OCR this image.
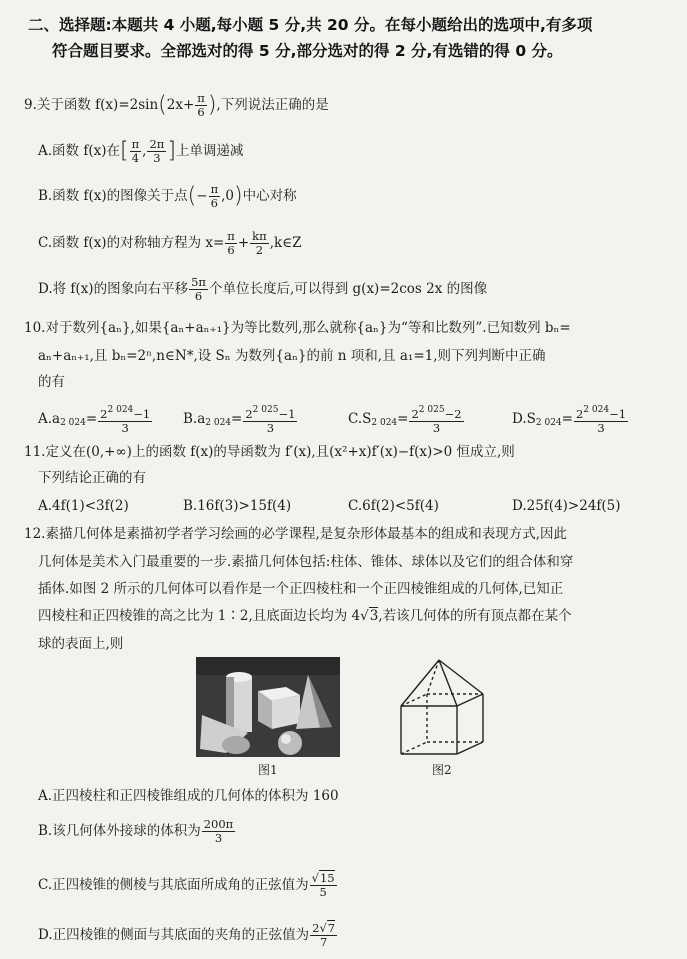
二、选择题:本题共 4 小题,每小题 5 分,共 20 分。在每小题给出的选项中,有多项
符合题目要求。全部选对的得 5 分,部分选对的得 2 分,有选错的得 0 分。
9.关于函数 $f(x)=2\sin(2x+ \frac{\pi}{6}$ ),下列说法正确的是
A.函数 f(x)在[ $\frac{\pi}{4}$ , $\frac{2\pi}{3}$ ]上单调递减
B.函数 f(x)的图像关于点(− $\frac{\pi}{6} ,0$)中心对称
C.函数 f(x)的对称轴方程为 $x= \frac{\pi}{6} + \frac{k\pi}{2}$ ,k∈Z
D.将 f(x)的图象向右平移 $\frac{5\pi}{6}$ 个单位长度后,可以得到 g(x)=2cos 2x 的图像
10.对于数列{aₙ},如果{aₙ+aₙ₊₁}为等比数列,那么就称{aₙ}为“等和比数列”.已知数列 bₙ=
aₙ+aₙ₊₁,且 bₙ=2ⁿ,n∈N*,设 Sₙ 为数列{aₙ}的前 n 项和,且 a₁=1,则下列判断中正确
的有
$A.a_{2 024}= \frac{2^{2 024}-1}{3} B.a_{2 024}= \frac{2^{2 025}-1}{3}$	$C.S_{2 024}= \frac{2^{2 025}-2}{3}$	$D.S_{2 024}= \frac{2^{2 024}-1}{3}$
11.定义在(0,+∞)上的函数 f(x)的导函数为 f′(x),且(x²+x)f′(x)−f(x)>0 恒成立,则
下列结论正确的有
A.4f(1)<3f(2)	B.16f(3)>15f(4)	C.6f(2)<5f(4)	D.25f(4)>24f(5)
12.素描几何体是素描初学者学习绘画的必学课程,是复杂形体最基本的组成和表现方式,因此
几何体是美术入门最重要的一步.素描几何体包括:柱体、锥体、球体以及它们的组合体和穿
插体.如图 2 所示的几何体可以看作是一个正四棱柱和一个正四棱锥组成的几何体,已知正
四棱柱和正四棱锥的高之比为 1∶2,且底面边长均为 4√3,若该几何体的所有顶点都在某个
球的表面上,则
图1	图2
A.正四棱柱和正四棱锥组成的几何体的体积为 160
B.该几何体外接球的体积为 $\frac{200\pi}{3}$
C.正四棱锥的侧棱与其底面所成角的正弦值为 $\frac{√15}{5}$
D.正四棱锥的侧面与其底面的夹角的正弦值为 $\frac{2√7}{7}$
